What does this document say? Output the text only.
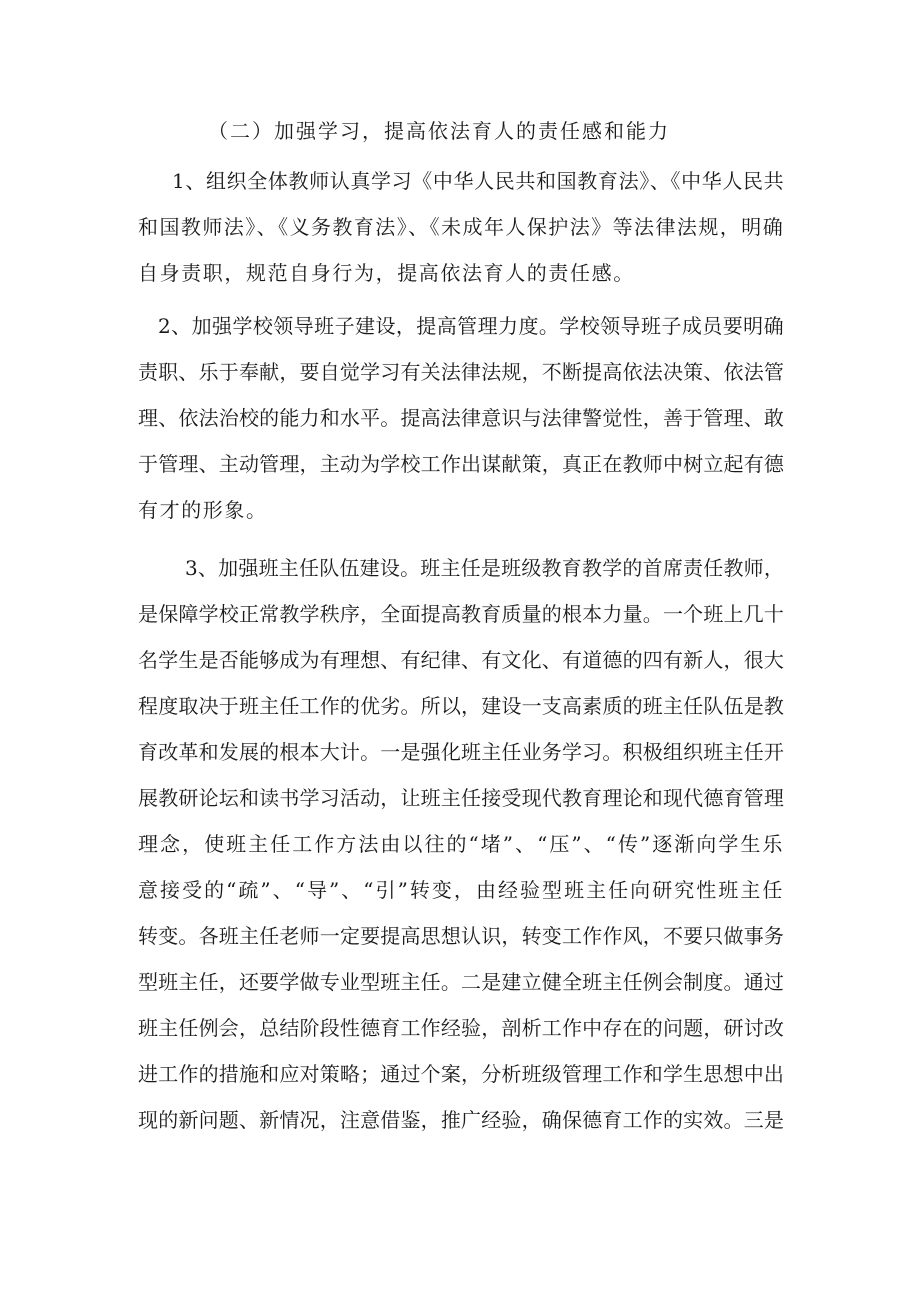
（二）加强学习，提高依法育人的责任感和能力
1、组织全体教师认真学习《中华人民共和国教育法》、《中华人民共
和国教师法》、《义务教育法》、《未成年人保护法》等法律法规，明确
自身责职，规范自身行为，提高依法育人的责任感。
2、加强学校领导班子建设，提高管理力度。学校领导班子成员要明确
责职、乐于奉献，要自觉学习有关法律法规，不断提高依法决策、依法管
理、依法治校的能力和水平。提高法律意识与法律警觉性，善于管理、敢
于管理、主动管理，主动为学校工作出谋献策，真正在教师中树立起有德
有才的形象。
3、加强班主任队伍建设。班主任是班级教育教学的首席责任教师，
是保障学校正常教学秩序，全面提高教育质量的根本力量。一个班上几十
名学生是否能够成为有理想、有纪律、有文化、有道德的四有新人，很大
程度取决于班主任工作的优劣。所以，建设一支高素质的班主任队伍是教
育改革和发展的根本大计。一是强化班主任业务学习。积极组织班主任开
展教研论坛和读书学习活动，让班主任接受现代教育理论和现代德育管理
理念，使班主任工作方法由以往的“堵”、“压”、“传”逐渐向学生乐
意接受的“疏”、“导”、“引”转变，由经验型班主任向研究性班主任
转变。各班主任老师一定要提高思想认识，转变工作作风，不要只做事务
型班主任，还要学做专业型班主任。二是建立健全班主任例会制度。通过
班主任例会，总结阶段性德育工作经验，剖析工作中存在的问题，研讨改
进工作的措施和应对策略；通过个案，分析班级管理工作和学生思想中出
现的新问题、新情况，注意借鉴，推广经验，确保德育工作的实效。三是
